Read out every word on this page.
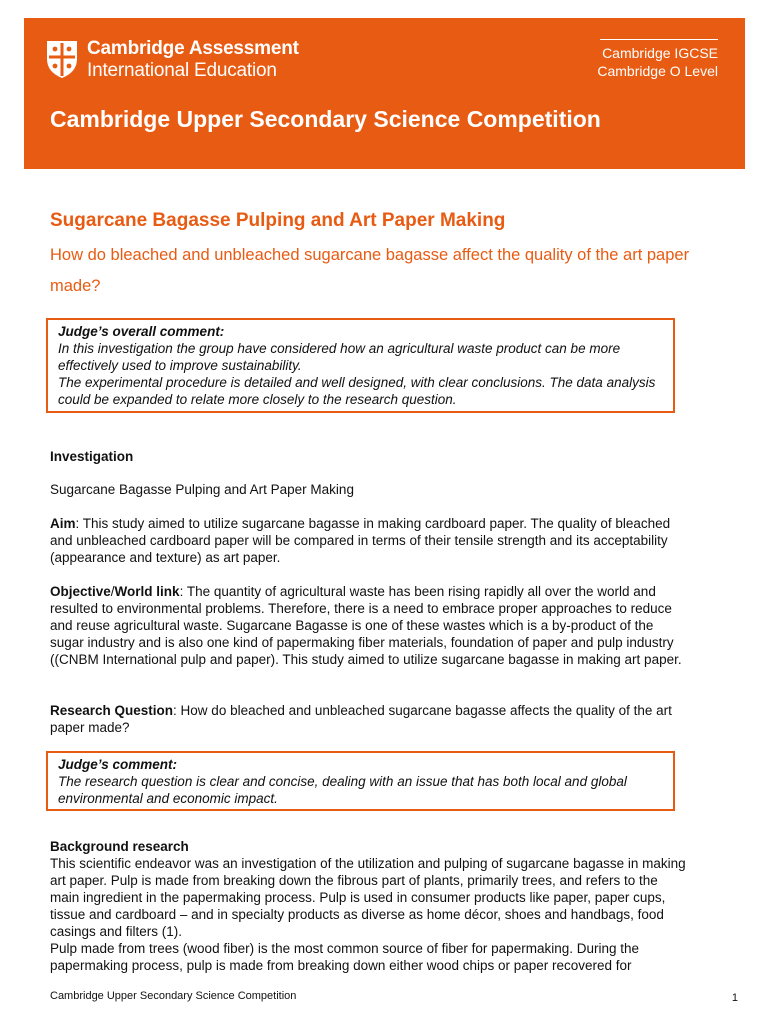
Cambridge Assessment
International Education
Cambridge IGCSE
Cambridge O Level
Cambridge Upper Secondary Science Competition
Sugarcane Bagasse Pulping and Art Paper Making
How do bleached and unbleached sugarcane bagasse affect the quality of the art paper made?
Judge’s overall comment:
In this investigation the group have considered how an agricultural waste product can be more effectively used to improve sustainability.
The experimental procedure is detailed and well designed, with clear conclusions. The data analysis could be expanded to relate more closely to the research question.
Investigation
Sugarcane Bagasse Pulping and Art Paper Making
Aim: This study aimed to utilize sugarcane bagasse in making cardboard paper. The quality of bleached and unbleached cardboard paper will be compared in terms of their tensile strength and its acceptability (appearance and texture) as art paper.
Objective/World link: The quantity of agricultural waste has been rising rapidly all over the world and resulted to environmental problems. Therefore, there is a need to embrace proper approaches to reduce and reuse agricultural waste. Sugarcane Bagasse is one of these wastes which is a by-product of the sugar industry and is also one kind of papermaking fiber materials, foundation of paper and pulp industry ((CNBM International pulp and paper). This study aimed to utilize sugarcane bagasse in making art paper.
Research Question: How do bleached and unbleached sugarcane bagasse affects the quality of the art paper made?
Judge’s comment:
The research question is clear and concise, dealing with an issue that has both local and global environmental and economic impact.
Background research
This scientific endeavor was an investigation of the utilization and pulping of sugarcane bagasse in making art paper. Pulp is made from breaking down the fibrous part of plants, primarily trees, and refers to the main ingredient in the papermaking process. Pulp is used in consumer products like paper, paper cups, tissue and cardboard – and in specialty products as diverse as home décor, shoes and handbags, food casings and filters (1).
Pulp made from trees (wood fiber) is the most common source of fiber for papermaking. During the papermaking process, pulp is made from breaking down either wood chips or paper recovered for
Cambridge Upper Secondary Science Competition	1
